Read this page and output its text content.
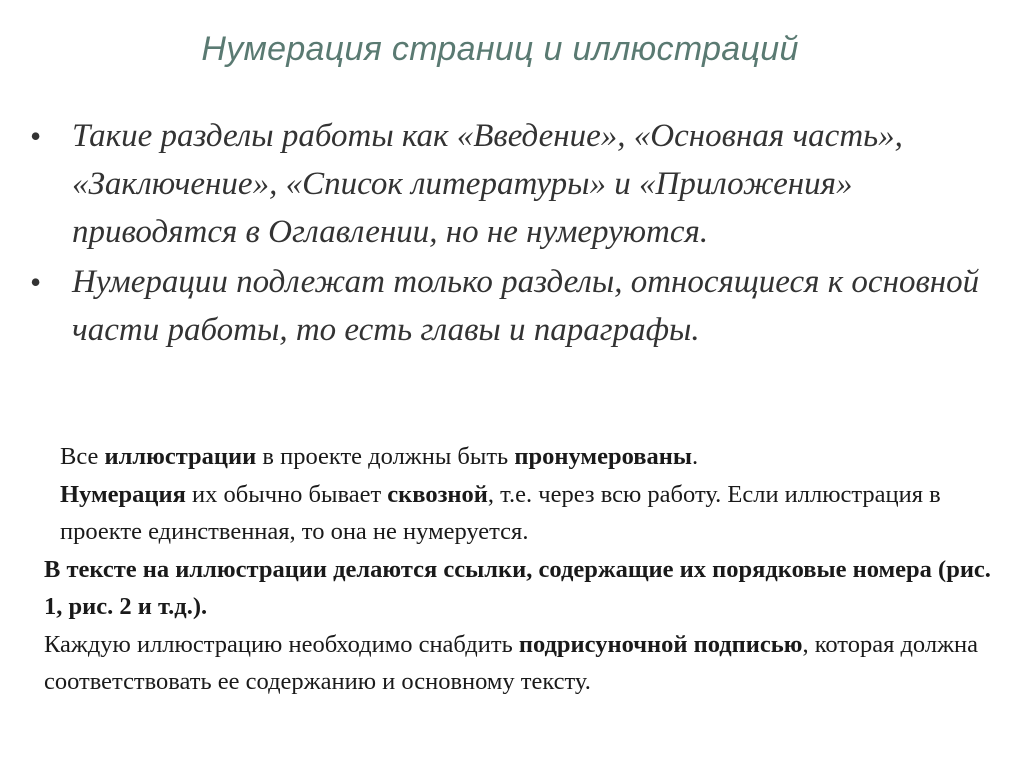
Нумерация страниц и иллюстраций
• Такие разделы работы как «Введение», «Основная часть», «Заключение», «Список литературы» и «Приложения» приводятся в Оглавлении, но не нумеруются.
• Нумерации подлежат только разделы, относящиеся к основной части работы, то есть главы и параграфы.

Все иллюстрации в проекте должны быть пронумерованы.
Нумерация их обычно бывает сквозной, т.е. через всю работу. Если иллюстрация в проекте единственная, то она не нумеруется.

В тексте на иллюстрации делаются ссылки, содержащие их порядковые номера (рис. 1, рис. 2 и т.д.).

Каждую иллюстрацию необходимо снабдить подрисуночной подписью, которая должна соответствовать ее содержанию и основному тексту.
